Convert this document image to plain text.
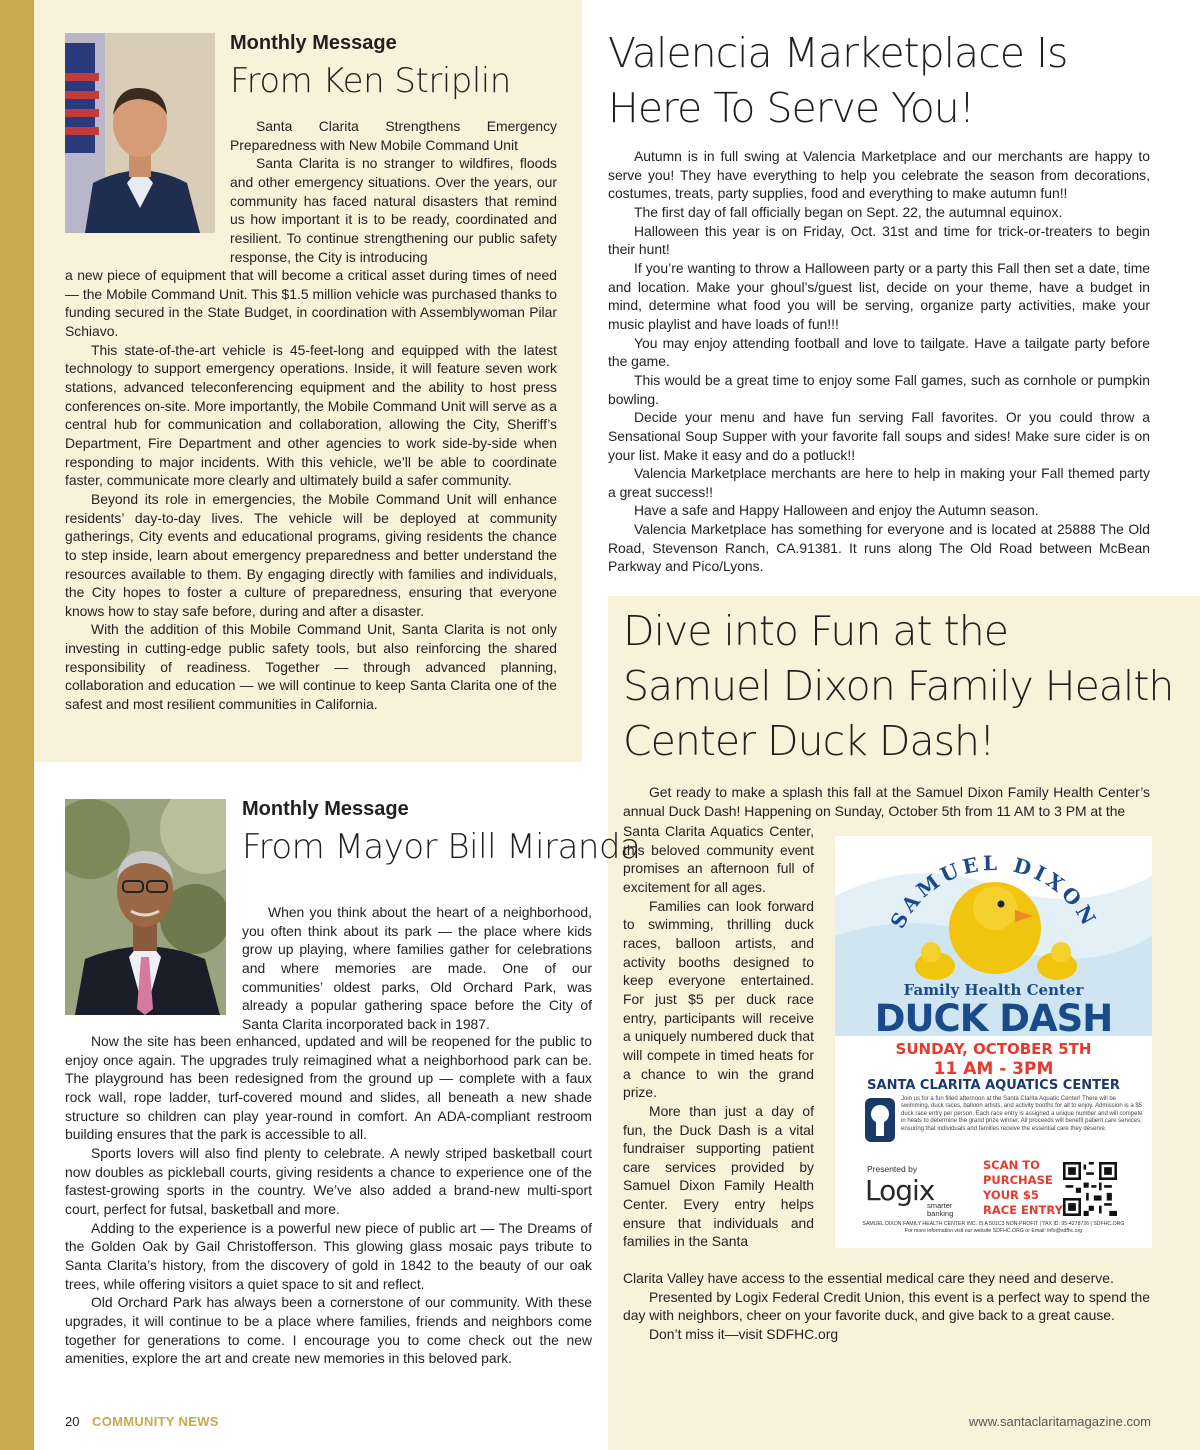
Monthly Message
From Ken Striplin

Santa Clarita Strengthens Emergency Preparedness with New Mobile Command Unit

Santa Clarita is no stranger to wildfires, floods and other emergency situations. Over the years, our community has faced natural disasters that remind us how important it is to be ready, coordinated and resilient. To continue strengthening our public safety response, the City is introducing

a new piece of equipment that will become a critical asset during times of need — the Mobile Command Unit. This $1.5 million vehicle was purchased thanks to funding secured in the State Budget, in coordination with Assemblywoman Pilar Schiavo.

This state-of-the-art vehicle is 45-feet-long and equipped with the latest technology to support emergency operations. Inside, it will feature seven work stations, advanced teleconferencing equipment and the ability to host press conferences on-site. More importantly, the Mobile Command Unit will serve as a central hub for communication and collaboration, allowing the City, Sheriff’s Department, Fire Department and other agencies to work side-by-side when responding to major incidents. With this vehicle, we’ll be able to coordinate faster, communicate more clearly and ultimately build a safer community.

Beyond its role in emergencies, the Mobile Command Unit will enhance residents’ day-to-day lives. The vehicle will be deployed at community gatherings, City events and educational programs, giving residents the chance to step inside, learn about emergency preparedness and better understand the resources available to them. By engaging directly with families and individuals, the City hopes to foster a culture of preparedness, ensuring that everyone knows how to stay safe before, during and after a disaster.

With the addition of this Mobile Command Unit, Santa Clarita is not only investing in cutting-edge public safety tools, but also reinforcing the shared responsibility of readiness. Together — through advanced planning, collaboration and education — we will continue to keep Santa Clarita one of the safest and most resilient communities in California.

Valencia Marketplace Is
Here To Serve You!

Autumn is in full swing at Valencia Marketplace and our merchants are happy to serve you! They have everything to help you celebrate the season from decorations, costumes, treats, party supplies, food and everything to make autumn fun!!

The first day of fall officially began on Sept. 22, the autumnal equinox.

Halloween this year is on Friday, Oct. 31st and time for trick-or-treaters to begin their hunt!

If you’re wanting to throw a Halloween party or a party this Fall then set a date, time and location. Make your ghoul’s/guest list, decide on your theme, have a budget in mind, determine what food you will be serving, organize party activities, make your music playlist and have loads of fun!!!

You may enjoy attending football and love to tailgate. Have a tailgate party before the game.

This would be a great time to enjoy some Fall games, such as cornhole or pumpkin bowling.

Decide your menu and have fun serving Fall favorites. Or you could throw a Sensational Soup Supper with your favorite fall soups and sides! Make sure cider is on your list. Make it easy and do a potluck!!

Valencia Marketplace merchants are here to help in making your Fall themed party a great success!!

Have a safe and Happy Halloween and enjoy the Autumn season.

Valencia Marketplace has something for everyone and is located at 25888 The Old Road, Stevenson Ranch, CA.91381. It runs along The Old Road between McBean Parkway and Pico/Lyons.

Monthly Message
From Mayor Bill Miranda

When you think about the heart of a neighborhood, you often think about its park — the place where kids grow up playing, where families gather for celebrations and where memories are made. One of our communities’ oldest parks, Old Orchard Park, was already a popular gathering space before the City of Santa Clarita incorporated back in 1987.

Now the site has been enhanced, updated and will be reopened for the public to enjoy once again. The upgrades truly reimagined what a neighborhood park can be. The playground has been redesigned from the ground up — complete with a faux rock wall, rope ladder, turf-covered mound and slides, all beneath a new shade structure so children can play year-round in comfort. An ADA-compliant restroom building ensures that the park is accessible to all.

Sports lovers will also find plenty to celebrate. A newly striped basketball court now doubles as pickleball courts, giving residents a chance to experience one of the fastest-growing sports in the country. We’ve also added a brand-new multi-sport court, perfect for futsal, basketball and more.

Adding to the experience is a powerful new piece of public art — The Dreams of the Golden Oak by Gail Christofferson. This glowing glass mosaic pays tribute to Santa Clarita’s history, from the discovery of gold in 1842 to the beauty of our oak trees, while offering visitors a quiet space to sit and reflect.

Old Orchard Park has always been a cornerstone of our community. With these upgrades, it will continue to be a place where families, friends and neighbors come together for generations to come. I encourage you to come check out the new amenities, explore the art and create new memories in this beloved park.

Dive into Fun at the
Samuel Dixon Family Health
Center Duck Dash!

Get ready to make a splash this fall at the Samuel Dixon Family Health Center’s annual Duck Dash! Happening on Sunday, October 5th from 11 AM to 3 PM at the

Santa Clarita Aquatics Center, this beloved community event promises an afternoon full of excitement for all ages.

Families can look forward to swimming, thrilling duck races, balloon artists, and activity booths designed to keep everyone entertained. For just $5 per duck race entry, participants will receive a uniquely numbered duck that will compete in timed heats for a chance to win the grand prize.

More than just a day of fun, the Duck Dash is a vital fundraiser supporting patient care services provided by Samuel Dixon Family Health Center. Every entry helps ensure that individuals and families in the Santa

Clarita Valley have access to the essential medical care they need and deserve.

Presented by Logix Federal Credit Union, this event is a perfect way to spend the day with neighbors, cheer on your favorite duck, and give back to a great cause.

Don’t miss it—visit SDFHC.org

SAMUEL DIXON
Family Health Center
DUCK DASH
SUNDAY, OCTOBER 5TH
11 AM - 3PM
SANTA CLARITA AQUATICS CENTER
Join us for a fun filled afternoon at the Santa Clarita Aquatic Center! There will be swimming, duck races, balloon artists, and activity booths for all to enjoy. Admission is a $5 duck race entry per person. Each race entry is assigned a unique number and will compete in heats to determine the grand prize winner. All proceeds will benefit patient care services, ensuring that individuals and families receive the essential care they deserve.
Presented by
Logix
smarter
banking
SCAN TO
PURCHASE
YOUR $5
RACE ENTRY
SAMUEL DIXON FAMILY HEALTH CENTER INC. IS A 501C3 NON-PROFIT | TAX ID: 95-4278726 | SDFHC.ORG
For more information visit our website SDFHC.ORG or Email: info@sdfhc.org
20 COMMUNITY NEWS	www.santaclaritamagazine.com
